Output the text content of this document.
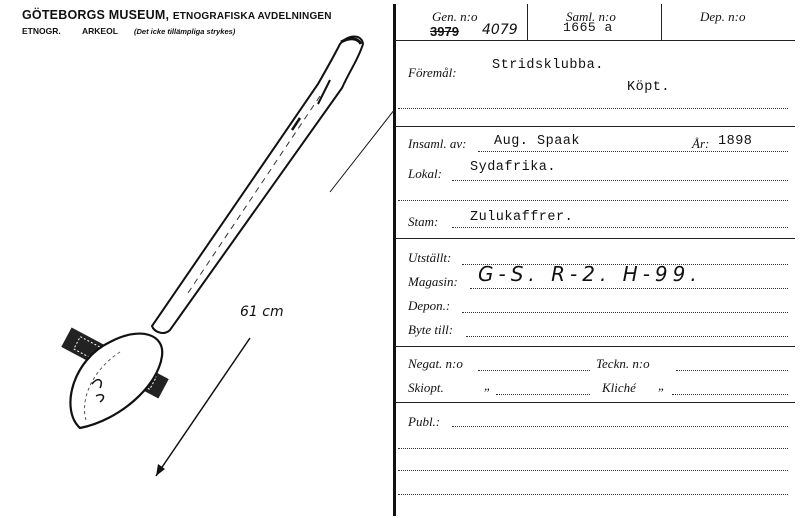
GÖTEBORGS MUSEUM, ETNOGRAFISKA AVDELNINGEN
ETNOGR.	ARKEOL (Det icke tillämpliga strykes)
61 cm
Gen. n:o
3979 4079
Saml. n:o
1665 a
Dep. n:o
Föremål:	Stridsklubba.
Köpt.
Insaml. av: Aug. Spaak	År: 1898
Lokal: Sydafrika.
Stam: Zulukaffrer.
Utställt:
Magasin: G-S. R-2. H-99.
Depon.:
Byte till:
Negat. n:o	Teckn. n:o
Skiopt.	„	Kliché „
Publ.:
